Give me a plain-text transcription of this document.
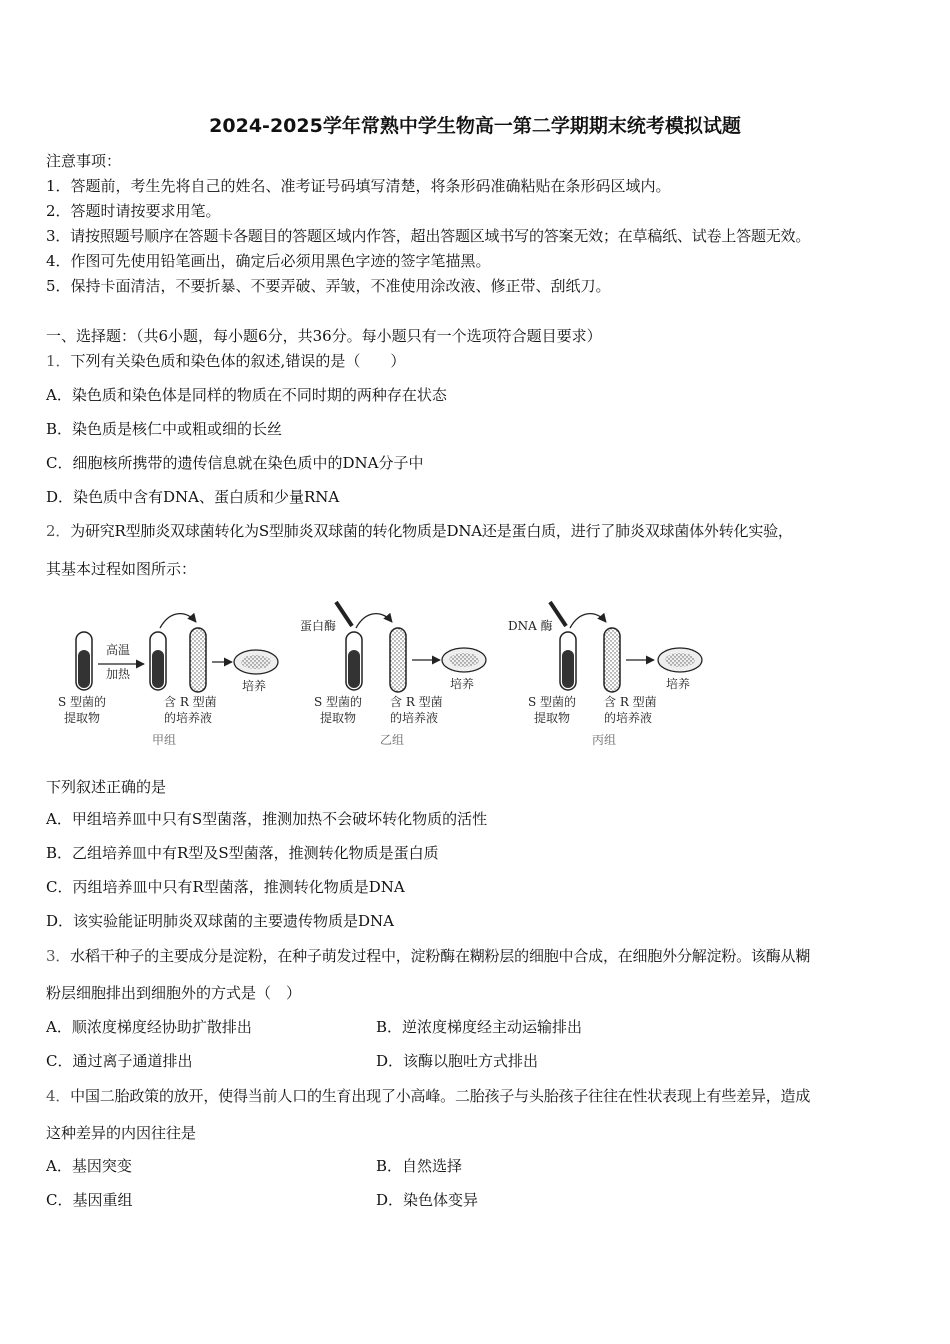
2024-2025学年常熟中学生物高一第二学期期末统考模拟试题
注意事项：
1．答题前，考生先将自己的姓名、准考证号码填写清楚，将条形码准确粘贴在条形码区域内。
2．答题时请按要求用笔。
3．请按照题号顺序在答题卡各题目的答题区域内作答，超出答题区域书写的答案无效；在草稿纸、试卷上答题无效。
4．作图可先使用铅笔画出，确定后必须用黑色字迹的签字笔描黑。
5．保持卡面清洁，不要折暴、不要弄破、弄皱，不准使用涂改液、修正带、刮纸刀。
一、选择题：（共6小题，每小题6分，共36分。每小题只有一个选项符合题目要求）
1．下列有关染色质和染色体的叙述,错误的是（　　）
A．染色质和染色体是同样的物质在不同时期的两种存在状态
B．染色质是核仁中或粗或细的长丝
C．细胞核所携带的遗传信息就在染色质中的DNA分子中
D．染色质中含有DNA、蛋白质和少量RNA
2．为研究R型肺炎双球菌转化为S型肺炎双球菌的转化物质是DNA还是蛋白质，进行了肺炎双球菌体外转化实验，
其基本过程如图所示：
高温
加热
培养
S 型菌的
提取物
含 R 型菌
的培养液
甲组
蛋白酶
培养
S 型菌的
提取物
含 R 型菌
的培养液
乙组
DNA 酶
培养
S 型菌的
提取物
含 R 型菌
的培养液
丙组
下列叙述正确的是
A．甲组培养皿中只有S型菌落，推测加热不会破坏转化物质的活性
B．乙组培养皿中有R型及S型菌落，推测转化物质是蛋白质
C．丙组培养皿中只有R型菌落，推测转化物质是DNA
D．该实验能证明肺炎双球菌的主要遗传物质是DNA
3．水稻干种子的主要成分是淀粉，在种子萌发过程中，淀粉酶在糊粉层的细胞中合成，在细胞外分解淀粉。该酶从糊
粉层细胞排出到细胞外的方式是（　）
A．顺浓度梯度经协助扩散排出	B．逆浓度梯度经主动运输排出
C．通过离子通道排出	D．该酶以胞吐方式排出
4．中国二胎政策的放开，使得当前人口的生育出现了小高峰。二胎孩子与头胎孩子往往在性状表现上有些差异，造成
这种差异的内因往往是
A．基因突变	B．自然选择
C．基因重组	D．染色体变异
